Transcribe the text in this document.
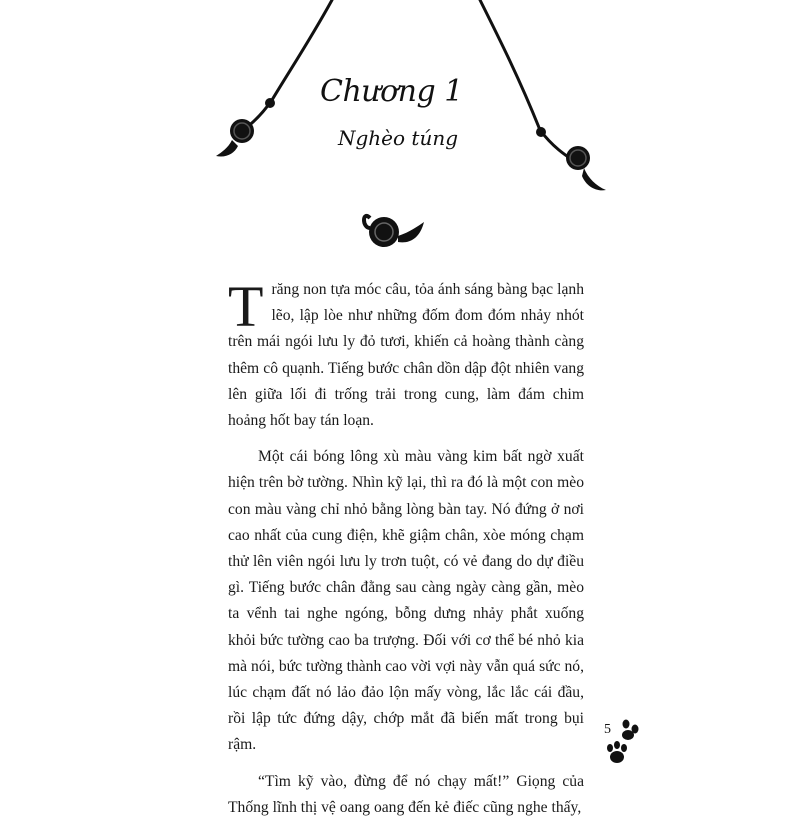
Chương 1
Nghèo túng

Trăng non tựa móc câu, tỏa ánh sáng bàng bạc lạnh lẽo, lập lòe như những đốm đom đóm nhảy nhót trên mái ngói lưu ly đỏ tươi, khiến cả hoàng thành càng thêm cô quạnh. Tiếng bước chân dồn dập đột nhiên vang lên giữa lối đi trống trải trong cung, làm đám chim hoảng hốt bay tán loạn.

Một cái bóng lông xù màu vàng kim bất ngờ xuất hiện trên bờ tường. Nhìn kỹ lại, thì ra đó là một con mèo con màu vàng chỉ nhỏ bằng lòng bàn tay. Nó đứng ở nơi cao nhất của cung điện, khẽ giậm chân, xòe móng chạm thử lên viên ngói lưu ly trơn tuột, có vẻ đang do dự điều gì. Tiếng bước chân đằng sau càng ngày càng gần, mèo ta vểnh tai nghe ngóng, bỗng dưng nhảy phắt xuống khỏi bức tường cao ba trượng. Đối với cơ thể bé nhỏ kia mà nói, bức tường thành cao vời vợi này vẫn quá sức nó, lúc chạm đất nó lảo đảo lộn mấy vòng, lắc lắc cái đầu, rồi lập tức đứng dậy, chớp mắt đã biến mất trong bụi rậm.

“Tìm kỹ vào, đừng để nó chạy mất!” Giọng của Thống lĩnh thị vệ oang oang đến kẻ điếc cũng nghe thấy,

5
